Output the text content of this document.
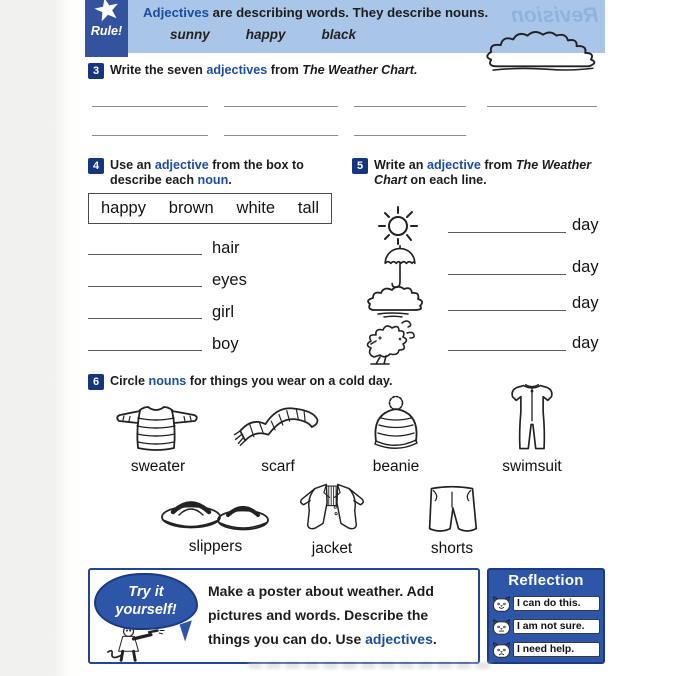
Rule!
Revision
Adjectives are describing words. They describe nouns.
sunny	happy	black
3 Write the seven adjectives from The Weather Chart.
4 Use an adjective from the box to describe each noun.
happy brown white tall
hair
eyes
girl
boy
5 Write an adjective from The Weather Chart on each line.
day
day
day
day
6 Circle nouns for things you wear on a cold day.
sweater	scarf	beanie	swimsuit
slippers	jacket	shorts
Try it
yourself!
Make a poster about weather. Add pictures and words. Describe the things you can do. Use adjectives.
Reflection
I can do this.
I am not sure.
I need help.
